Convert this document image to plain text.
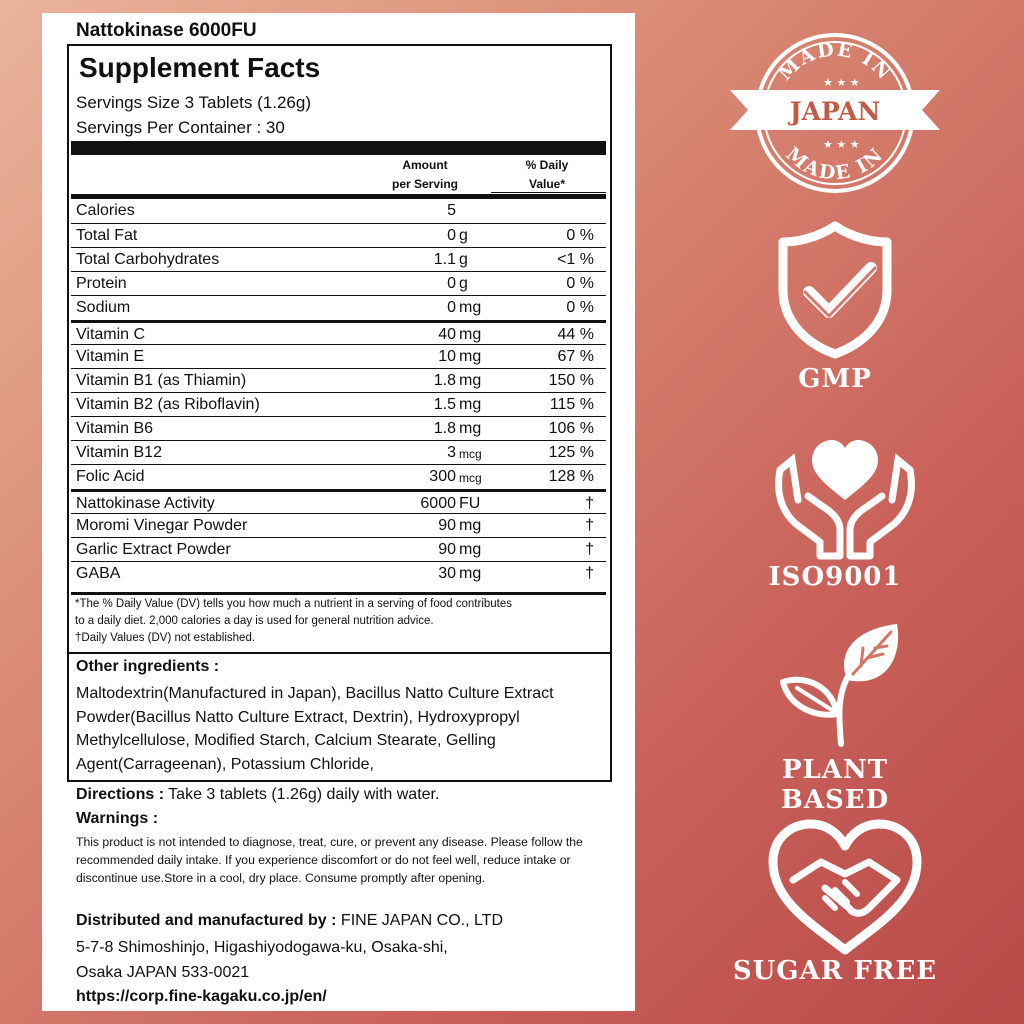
Nattokinase 6000FU
Supplement Facts
Servings Size 3 Tablets (1.26g)
Servings Per Container : 30
Amount
per Serving
% Daily
Value*
Calories	5
Total Fat	0 g	0 %
Total Carbohydrates	1.1 g	<1 %
Protein	0 g	0 %
Sodium	0 mg	0 %
Vitamin C	40 mg	44 %
Vitamin E	10 mg	67 %
Vitamin B1 (as Thiamin)	1.8 mg	150 %
Vitamin B2 (as Riboflavin)	1.5 mg	115 %
Vitamin B6	1.8 mg	106 %
Vitamin B12	3 mcg	125 %
Folic Acid	300 mcg	128 %
Nattokinase Activity	6000 FU	†
Moromi Vinegar Powder	90 mg	†
Garlic Extract Powder	90 mg	†
GABA	30 mg	†
*The % Daily Value (DV) tells you how much a nutrient in a serving of food contributes
to a daily diet. 2,000 calories a day is used for general nutrition advice.
†Daily Values (DV) not established.
Other ingredients :
Maltodextrin(Manufactured in Japan), Bacillus Natto Culture Extract Powder(Bacillus Natto Culture Extract, Dextrin), Hydroxypropyl Methylcellulose, Modified Starch, Calcium Stearate, Gelling Agent(Carrageenan), Potassium Chloride,
Directions : Take 3 tablets (1.26g) daily with water.
Warnings :
This product is not intended to diagnose, treat, cure, or prevent any disease. Please follow the recommended daily intake. If you experience discomfort or do not feel well, reduce intake or discontinue use.Store in a cool, dry place. Consume promptly after opening.
Distributed and manufactured by : FINE JAPAN CO., LTD
5-7-8 Shimoshinjo, Higashiyodogawa-ku, Osaka-shi,
Osaka JAPAN 533-0021
https://corp.fine-kagaku.co.jp/en/
MADE IN
MADE IN
★ ★ ★
★ ★ ★
JAPAN
GMP
ISO9001
PLANT BASED
SUGAR FREE
